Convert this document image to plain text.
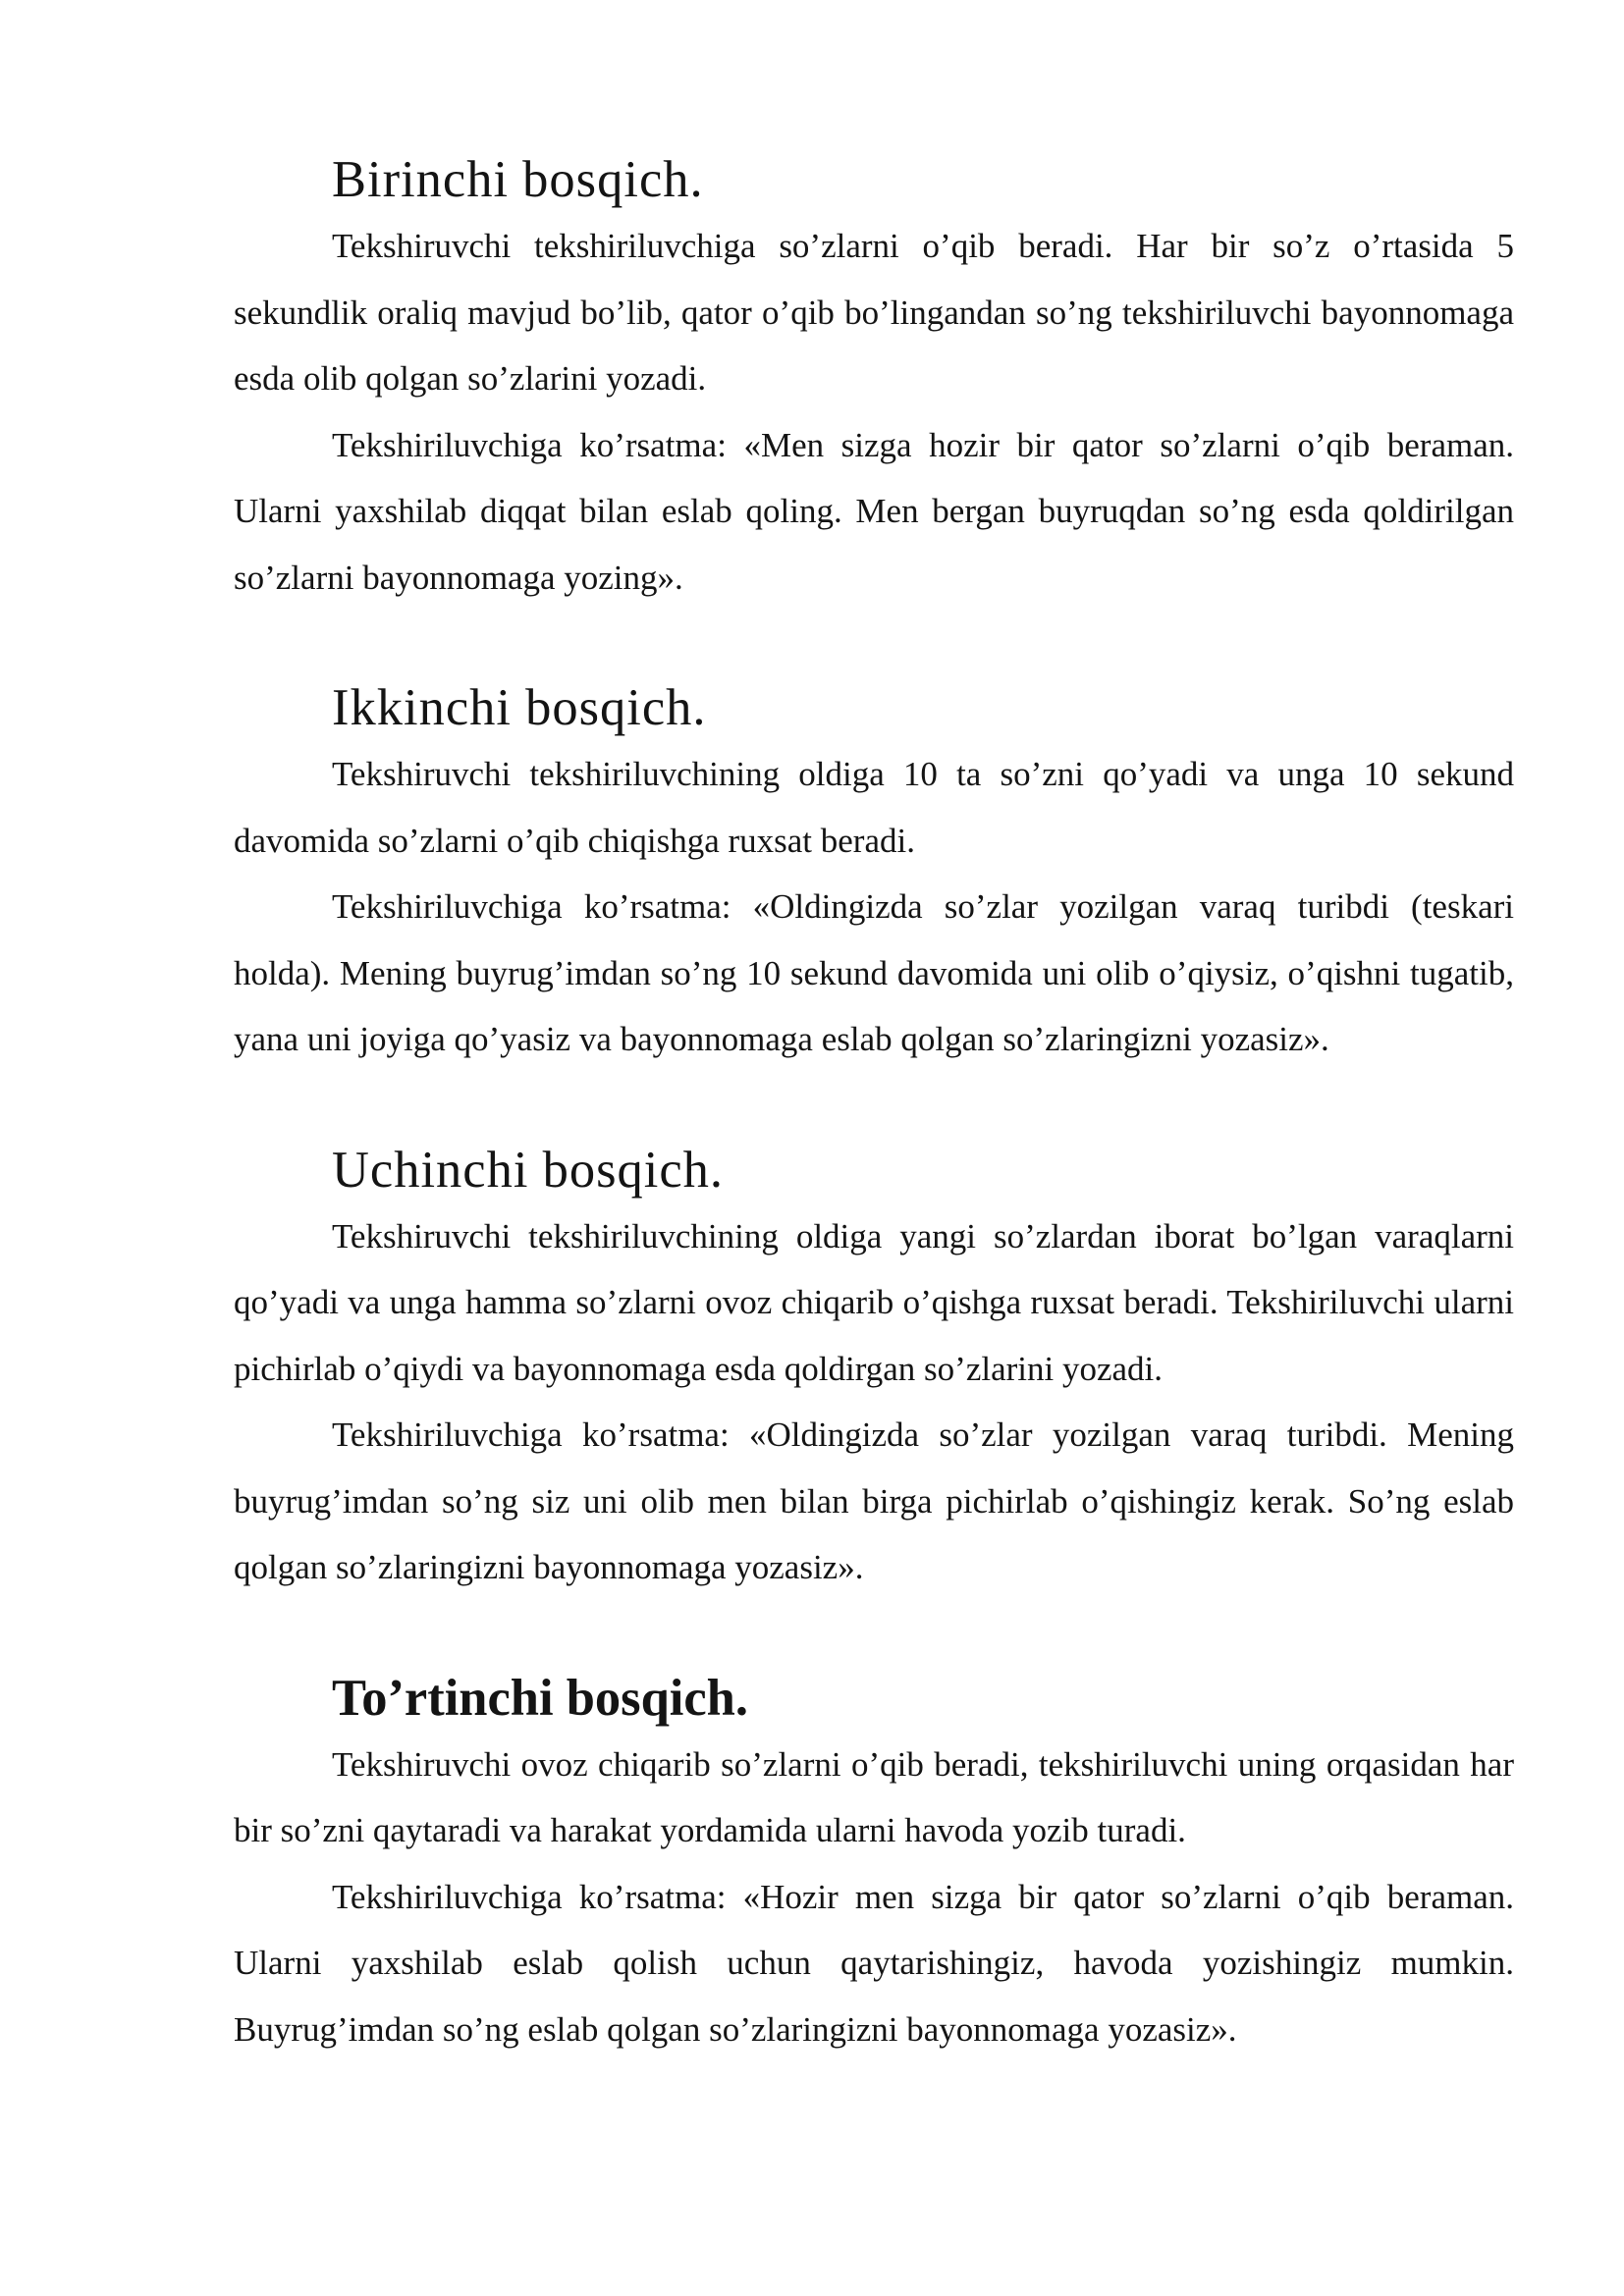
Birinchi bosqich.

Tekshiruvchi tekshiriluvchiga so’zlarni o’qib beradi. Har bir so’z o’rtasida 5 sekundlik oraliq mavjud bo’lib, qator o’qib bo’lingandan so’ng tekshiriluvchi bayonnomaga esda olib qolgan so’zlarini yozadi.

Tekshiriluvchiga ko’rsatma: «Men sizga hozir bir qator so’zlarni o’qib beraman. Ularni yaxshilab diqqat bilan eslab qoling. Men bergan buyruqdan so’ng esda qoldirilgan so’zlarni bayonnomaga yozing».

Ikkinchi bosqich.

Tekshiruvchi tekshiriluvchining oldiga 10 ta so’zni qo’yadi va unga 10 sekund davomida so’zlarni o’qib chiqishga ruxsat beradi.

Tekshiriluvchiga ko’rsatma: «Oldingizda so’zlar yozilgan varaq turibdi (teskari holda). Mening buyrug’imdan so’ng 10 sekund davomida uni olib o’qiysiz, o’qishni tugatib, yana uni joyiga qo’yasiz va bayonnomaga eslab qolgan so’zlaringizni yozasiz».

Uchinchi bosqich.

Tekshiruvchi tekshiriluvchining oldiga yangi so’zlardan iborat bo’lgan varaqlarni qo’yadi va unga hamma so’zlarni ovoz chiqarib o’qishga ruxsat beradi. Tekshiriluvchi ularni pichirlab o’qiydi va bayonnomaga esda qoldirgan so’zlarini yozadi.

Tekshiriluvchiga ko’rsatma: «Oldingizda so’zlar yozilgan varaq turibdi. Mening buyrug’imdan so’ng siz uni olib men bilan birga pichirlab o’qishingiz kerak. So’ng eslab qolgan so’zlaringizni bayonnomaga yozasiz».

To’rtinchi bosqich.

Tekshiruvchi ovoz chiqarib so’zlarni o’qib beradi, tekshiriluvchi uning orqasidan har bir so’zni qaytaradi va harakat yordamida ularni havoda yozib turadi.

Tekshiriluvchiga ko’rsatma: «Hozir men sizga bir qator so’zlarni o’qib beraman. Ularni yaxshilab eslab qolish uchun qaytarishingiz, havoda yozishingiz mumkin. Buyrug’imdan so’ng eslab qolgan so’zlaringizni bayonnomaga yozasiz».
